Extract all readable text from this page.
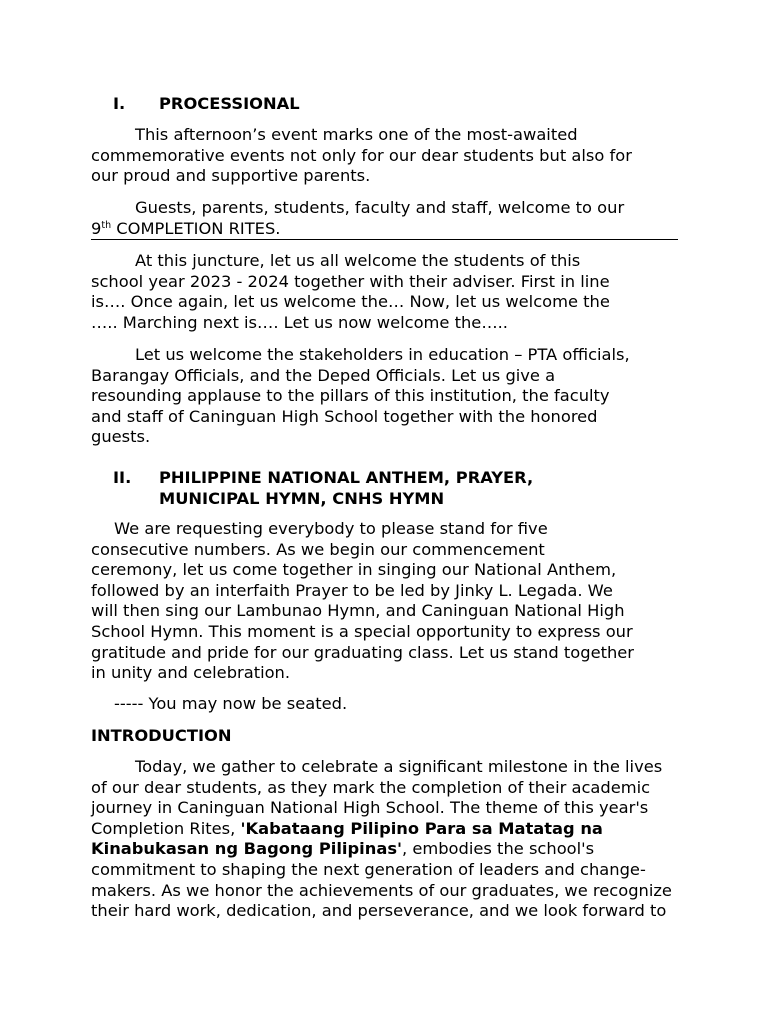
I. PROCESSIONAL
This afternoon’s event marks one of the most-awaited
commemorative events not only for our dear students but also for
our proud and supportive parents.
Guests, parents, students, faculty and staff, welcome to our
9th COMPLETION RITES.
At this juncture, let us all welcome the students of this
school year 2023 - 2024 together with their adviser. First in line
is…. Once again, let us welcome the… Now, let us welcome the
….. Marching next is…. Let us now welcome the…..
Let us welcome the stakeholders in education – PTA officials,
Barangay Officials, and the Deped Officials. Let us give a
resounding applause to the pillars of this institution, the faculty
and staff of Caninguan High School together with the honored
guests.
II. PHILIPPINE NATIONAL ANTHEM, PRAYER,
MUNICIPAL HYMN, CNHS HYMN
We are requesting everybody to please stand for five
consecutive numbers. As we begin our commencement
ceremony, let us come together in singing our National Anthem,
followed by an interfaith Prayer to be led by Jinky L. Legada. We
will then sing our Lambunao Hymn, and Caninguan National High
School Hymn. This moment is a special opportunity to express our
gratitude and pride for our graduating class. Let us stand together
in unity and celebration.
----- You may now be seated.
INTRODUCTION
Today, we gather to celebrate a significant milestone in the lives
of our dear students, as they mark the completion of their academic
journey in Caninguan National High School. The theme of this year's
Completion Rites, 'Kabataang Pilipino Para sa Matatag na
Kinabukasan ng Bagong Pilipinas', embodies the school's
commitment to shaping the next generation of leaders and change-
makers. As we honor the achievements of our graduates, we recognize
their hard work, dedication, and perseverance, and we look forward to
